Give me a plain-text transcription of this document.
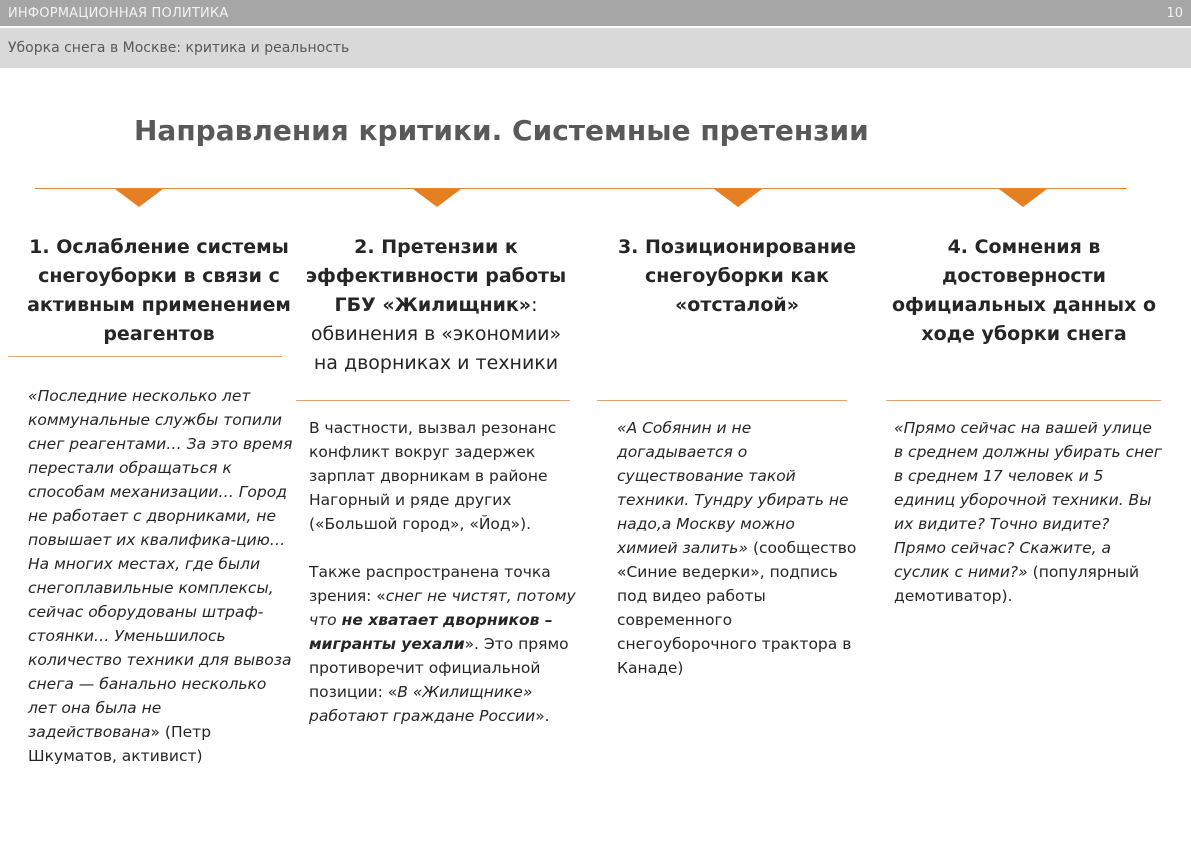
ИНФОРМАЦИОННАЯ ПОЛИТИКА	10
Уборка снега в Москве: критика и реальность
Направления критики. Системные претензии
1. Ослабление системы снегоуборки в связи с активным применением реагентов
«Последние несколько лет коммунальные службы топили снег реагентами… За это время перестали обращаться к способам механизации… Город не работает с дворниками, не повышает их квалифика-цию… На многих местах, где были снегоплавильные комплексы, сейчас оборудованы штраф-стоянки… Уменьшилось количество техники для вывоза снега — банально несколько лет она была не задействована» (Петр Шкуматов, активист)
2. Претензии к эффективности работы ГБУ «Жилищник»: обвинения в «экономии» на дворниках и техники

В частности, вызвал резонанс конфликт вокруг задержек зарплат дворникам в районе Нагорный и ряде других («Большой город», «Йод»).

Также распространена точка зрения: «снег не чистят, потому что не хватает дворников – мигранты уехали». Это прямо противоречит официальной позиции: «В «Жилищнике» работают граждане России».

3. Позиционирование снегоуборки как «отсталой»
«А Собянин и не догадывается о существование такой техники. Тундру убирать не надо,а Москву можно химией залить» (сообщество «Синие ведерки», подпись под видео работы современного снегоуборочного трактора в Канаде)
4. Сомнения в достоверности официальных данных о ходе уборки снега
«Прямо сейчас на вашей улице в среднем должны убирать снег в среднем 17 человек и 5 единиц уборочной техники. Вы их видите? Точно видите? Прямо сейчас? Скажите, а суслик с ними?» (популярный демотиватор).
